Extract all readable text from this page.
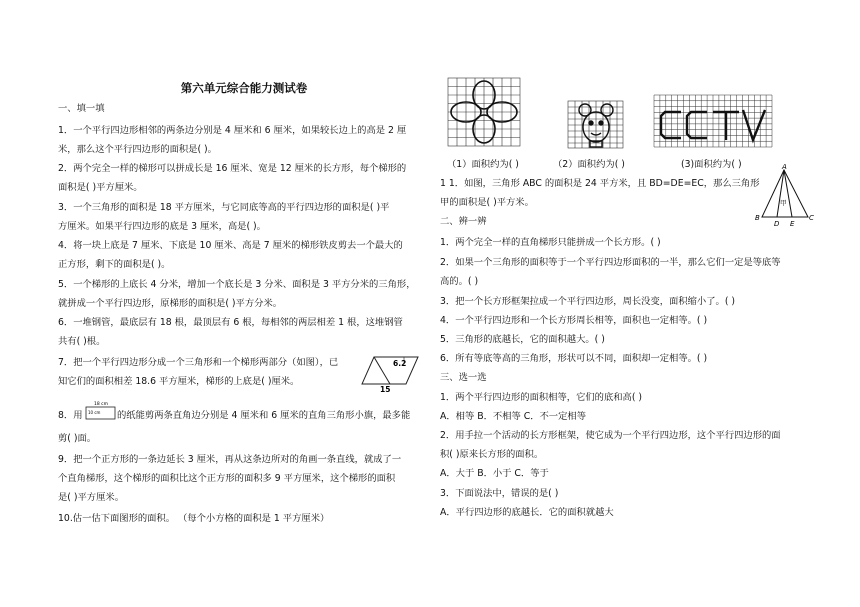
第六单元综合能力测试卷
一、填一填
1．一个平行四边形相邻的两条边分别是 4 厘米和 6 厘米，如果较长边上的高是 2 厘
米，那么这个平行四边形的面积是( )。
2．两个完全一样的梯形可以拼成长是 16 厘米、宽是 12 厘米的长方形，每个梯形的
面积是( )平方厘米。
3．一个三角形的面积是 18 平方厘米，与它同底等高的平行四边形的面积是( )平
方厘米。如果平行四边形的底是 3 厘米，高是( )。
4．将一块上底是 7 厘米、下底是 10 厘米、高是 7 厘米的梯形铁皮剪去一个最大的
正方形，剩下的面积是( )。
5．一个梯形的上底长 4 分米，增加一个底长是 3 分米、面积是 3 平方分米的三角形，
就拼成一个平行四边形，原梯形的面积是( )平方分米。
6．一堆钢管，最底层有 18 根，最顶层有 6 根，每相邻的两层相差 1 根，这堆钢管
共有( )根。
7．把一个平行四边形分成一个三角形和一个梯形两部分（如图），已
知它们的面积相差 18.6 平方厘米，梯形的上底是( )厘米。
6.2
15
8．用
18 cm
10 cm 的纸能剪两条直角边分别是 4 厘米和 6 厘米的直角三角形小旗，最多能
剪( )面。
9．把一个正方形的一条边延长 3 厘米，再从这条边所对的角画一条直线，就成了一
个直角梯形，这个梯形的面积比这个正方形的面积多 9 平方厘米，这个梯形的面积
是( )平方厘米。
10.估一估下面图形的面积。 （每个小方格的面积是 1 平方厘米）
（1）面积约为( )	（2）面积约为( )	(3)面积约为( )
1 1．如图，三角形 ABC 的面积是 24 平方米，且 BD=DE=EC，那么三角形
甲的面积是( )平方米。
A
B	C
D E
甲
二、辨一辨
1．两个完全一样的直角梯形只能拼成一个长方形。( )
2．如果一个三角形的面积等于一个平行四边形面积的一半，那么它们一定是等底等
高的。( )
3．把一个长方形框架拉成一个平行四边形，周长没变，面积缩小了。( )
4．一个平行四边形和一个长方形周长相等，面积也一定相等。( )
5．三角形的底越长，它的面积越大。( )
6．所有等底等高的三角形，形状可以不同，面积却一定相等。( )
三、选一选
1．两个平行四边形的面积相等，它们的底和高( )
A．相等 B．不相等 C．不一定相等
2．用手拉一个活动的长方形框架，使它成为一个平行四边形，这个平行四边形的面
积( )原来长方形的面积。
A．大于 B．小于 C．等于
3．下面说法中，错误的是( )
A．平行四边形的底越长．它的面积就越大
